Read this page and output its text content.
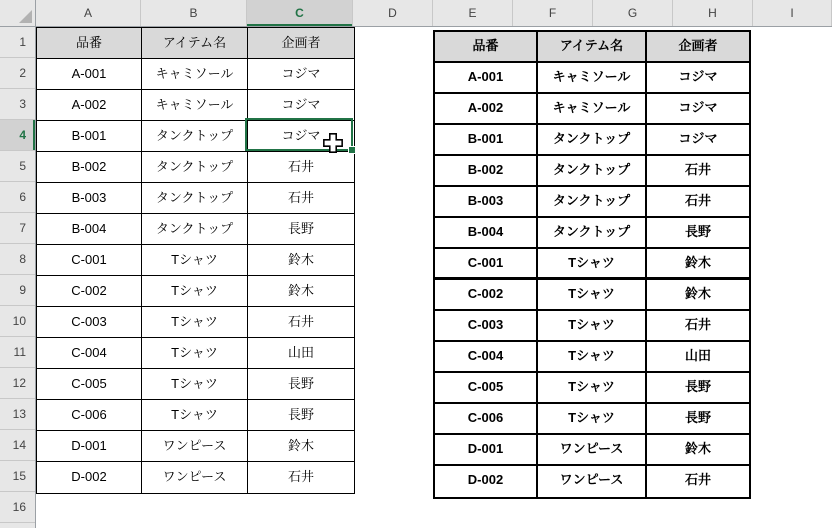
A	B	C	D	E	F	G	H	I
1
2
3
4
5
6
7
8
9
10
11
12
13
14
15
16
品番	アイテム名	企画者
A-001	キャミソール	コジマ
A-002	キャミソール	コジマ
B-001	タンクトップ	コジマ
B-002	タンクトップ	石井
B-003	タンクトップ	石井
B-004	タンクトップ	長野
C-001	Tシャツ	鈴木
C-002	Tシャツ	鈴木
C-003	Tシャツ	石井
C-004	Tシャツ	山田
C-005	Tシャツ	長野
C-006	Tシャツ	長野
D-001	ワンピース	鈴木
D-002	ワンピース	石井
品番	アイテム名	企画者
A-001	キャミソール	コジマ
A-002	キャミソール	コジマ
B-001	タンクトップ	コジマ
B-002	タンクトップ	石井
B-003	タンクトップ	石井
B-004	タンクトップ	長野
C-001	Tシャツ	鈴木
C-002	Tシャツ	鈴木
C-003	Tシャツ	石井
C-004	Tシャツ	山田
C-005	Tシャツ	長野
C-006	Tシャツ	長野
D-001	ワンピース	鈴木
D-002	ワンピース	石井
